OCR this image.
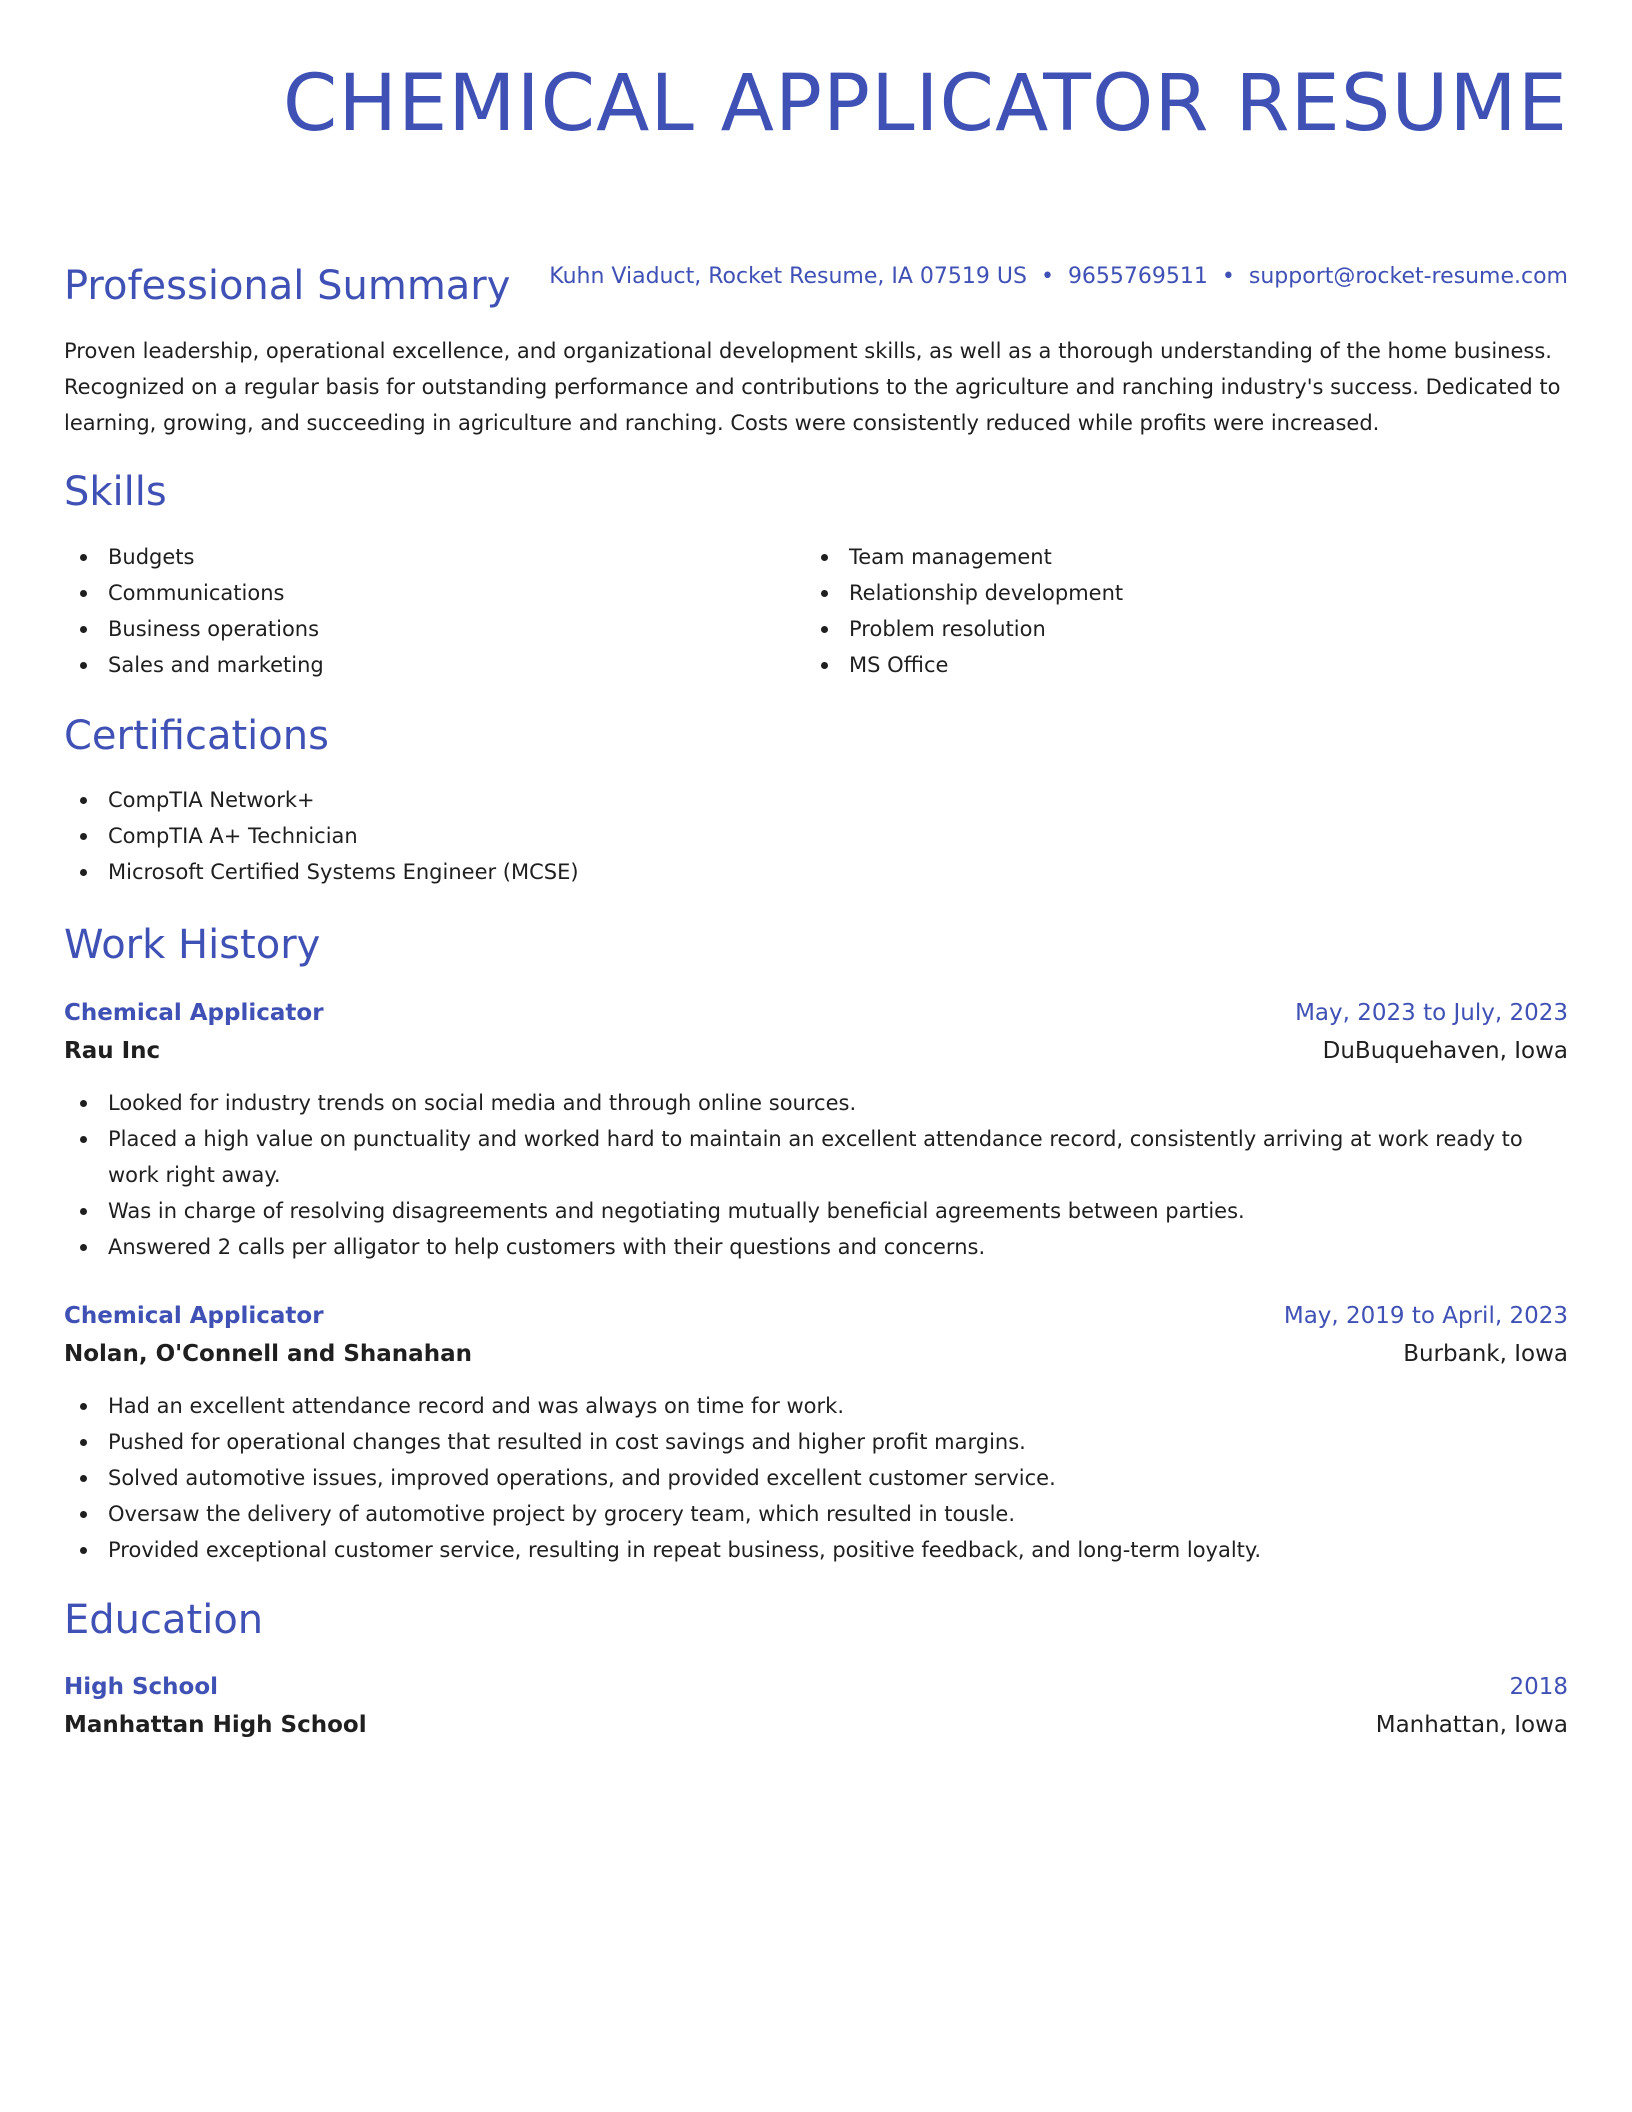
CHEMICAL APPLICATOR RESUME
Kuhn Viaduct, Rocket Resume, IA 07519 US • 9655769511 • support@rocket-resume.com
Professional Summary
Proven leadership, operational excellence, and organizational development skills, as well as a thorough understanding of the home business. Recognized on a regular basis for outstanding performance and contributions to the agriculture and ranching industry's success. Dedicated to learning, growing, and succeeding in agriculture and ranching. Costs were consistently reduced while profits were increased.
Skills
Budgets
Communications
Business operations
Sales and marketing
Team management
Relationship development
Problem resolution
MS Office
Certifications
CompTIA Network+
CompTIA A+ Technician
Microsoft Certified Systems Engineer (MCSE)
Work History
Chemical Applicator	May, 2023 to July, 2023
Rau Inc	DuBuquehaven, Iowa
Looked for industry trends on social media and through online sources.
Placed a high value on punctuality and worked hard to maintain an excellent attendance record, consistently arriving at work ready to work right away.
Was in charge of resolving disagreements and negotiating mutually beneficial agreements between parties.
Answered 2 calls per alligator to help customers with their questions and concerns.
Chemical Applicator	May, 2019 to April, 2023
Nolan, O'Connell and Shanahan	Burbank, Iowa
Had an excellent attendance record and was always on time for work.
Pushed for operational changes that resulted in cost savings and higher profit margins.
Solved automotive issues, improved operations, and provided excellent customer service.
Oversaw the delivery of automotive project by grocery team, which resulted in tousle.
Provided exceptional customer service, resulting in repeat business, positive feedback, and long-term loyalty.
Education
High School	2018
Manhattan High School	Manhattan, Iowa
